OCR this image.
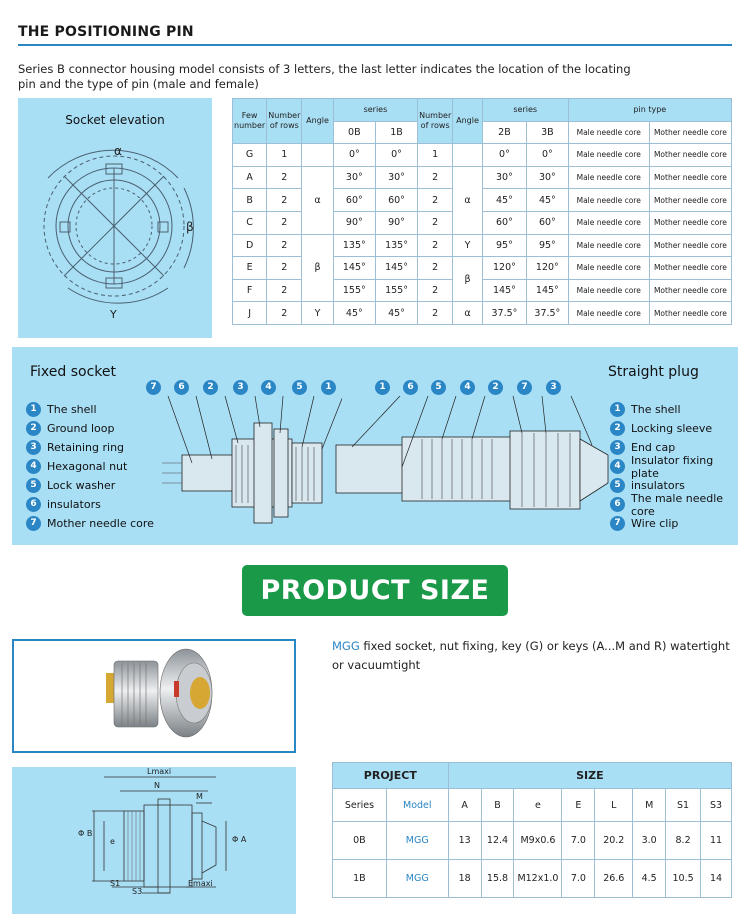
THE POSITIONING PIN
Series B connector housing model consists of 3 letters, the last letter indicates the location of the locating pin and the type of pin (male and female)
Socket elevation
α
β
Y
Few number	Number of rows	Angle	series		Number of rows	Angle	series		pin type	
			0B	1B			2B	3B	Male needle core	Mother needle core
G	1		0°	0°	1		0°	0°	Male needle core	Mother needle core
A	2	α	30°	30°	2	α	30°	30°	Male needle core	Mother needle core
B	2		60°	60°	2		45°	45°	Male needle core	Mother needle core
C	2		90°	90°	2		60°	60°	Male needle core	Mother needle core
D	2	β	135°	135°	2	Y	95°	95°	Male needle core	Mother needle core
E	2		145°	145°	2	β	120°	120°	Male needle core	Mother needle core
F	2		155°	155°	2		145°	145°	Male needle core	Mother needle core
J	2	Y	45°	45°	2	α	37.5°	37.5°	Male needle core	Mother needle core
Fixed socket	Straight plug
1 The shell
2 Ground loop
3 Retaining ring
4 Hexagonal nut
5 Lock washer
6 insulators
7 Mother needle core
1 The shell
2 Locking sleeve
3 End cap
4 Insulator fixing plate
5 insulators
6 The male needle core
7 Wire clip
7	6	2	3	4	5	1	1	6	5	4	2	7	3
PRODUCT SIZE
MGG fixed socket, nut fixing, key (G) or keys (A...M and R) watertight or vacuumtight
Lmaxi
N
M
Φ B
Φ A
e
S1
S3
Emaxi
PROJECT		SIZE							
Series	Model	A	B	e	E	L	M	S1	S3
0B	MGG	13	12.4	M9x0.6	7.0	20.2	3.0	8.2	11
1B	MGG	18	15.8	M12x1.0	7.0	26.6	4.5	10.5	14
